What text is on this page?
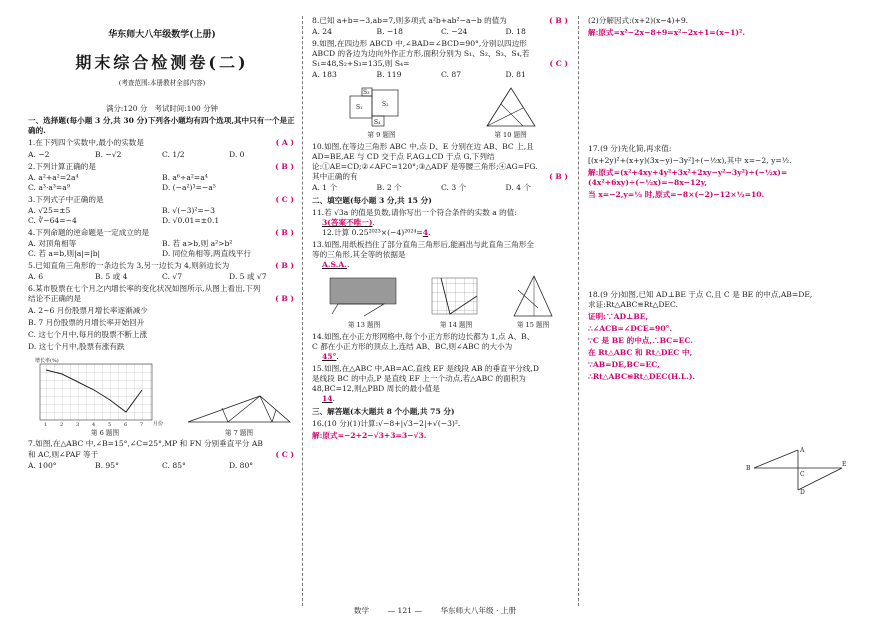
华东师大八年级数学(上册)
期末综合检测卷(二)
(考查范围:本册教材全部内容)
满分:120 分　考试时间:100 分钟
一、选择题(每小题 3 分,共 30 分)下列各小题均有四个选项,其中只有一个是正确的.
1.在下列四个实数中,最小的实数是	( A )
A. −2	B. −√2	C. 1/2	D. 0
2.下列计算正确的是	( B )
A. a²+a²=2a⁴	B. a⁶÷a²=a⁴
C. a³·a³=a⁹	D. (−a²)³=−a⁵
3.下列式子中正确的是	( C )
A. √25=±5	B. √(−3)²=−3
C. ∛−64=−4	D. √0.01=±0.1
4.下列命题的逆命题是一定成立的是	( B )
A. 对顶角相等	B. 若 a>b,则 a²>b²
C. 若 a=b,则|a|=|b|	D. 同位角相等,两直线平行
5.已知直角三角形的一条边长为 3,另一边长为 4,则斜边长为	( B )
A. 6	B. 5 或 4	C. √7	D. 5 或 √7
6.某市股票在七个月之内增长率的变化状况如图所示,从图上看出,下列结论不正确的是	( B )
A. 2~6 月份股票月增长率逐渐减少
B. 7 月份股票的月增长率开始回升
C. 这七个月中,每月的股票不断上涨
D. 这七个月中,股票有涨有跌
增长率(%)
月份
1	2	3	4	5	6	7
第 6 题图	第 7 题图
7.如图,在△ABC 中,∠B=15°,∠C=25°,MP 和 FN 分别垂直平分 AB 和 AC,则∠PAF 等于	( C )
A. 100°	B. 95°	C. 85°	D. 80°
8.已知 a+b=−3,ab=7,则多项式 a²b+ab²−a−b 的值为	( B )
A. 24	B. −18	C. −24	D. 18
9.如图,在四边形 ABCD 中,∠BAD=∠BCD=90°,分别以四边形 ABCD 的各边为边向外作正方形,面积分别为 S₁、S₂、S₃、S₄,若 S₁=48,S₂+S₃=135,则 S₄=	( C )
A. 183	B. 119	C. 87	D. 81
S₁	S₂
S₃
S₄
第 9 题图	第 10 题图
10.如图,在等边三角形 ABC 中,点 D、E 分别在边 AB、BC 上,且 AD=BE,AE 与 CD 交于点 F,AG⊥CD 于点 G,下列结论:①AE=CD;②∠AFC=120°;③△ADF 是等腰三角形;④AG=FG.其中正确的有	( B )
A. 1 个	B. 2 个	C. 3 个	D. 4 个
二、填空题(每小题 3 分,共 15 分)
11.若 √3a 的值是负数,请你写出一个符合条件的实数 a 的值:
3(答案不唯一).
12.计算 0.25²⁰²³×(−4)²⁰²⁴=4.
13.如图,用纸板挡住了部分直角三角形后,能画出与此直角三角形全等的三角形,其全等的依据是
A.S.A..
第 13 题图	第 14 题图	第 15 题图
14.如图,在小正方形网格中,每个小正方形的边长都为 1,点 A、B、C 都在小正方形的顶点上,连结 AB、BC,则∠ABC 的大小为
45°.
15.如图,在△ABC 中,AB=AC,直线 EF 是线段 AB 的垂直平分线,D 是线段 BC 的中点,P 是直线 EF 上一个动点,若△ABC 的面积为 48,BC=12,则△PBD 周长的最小值是
14.
三、解答题(本大题共 8 个小题,共 75 分)
16.(10 分)(1)计算:√−8+|√3−2|+√(−3)².
解:原式=−2+2−√3+3=3−√3.
(2)分解因式:(x+2)(x−4)+9.
解:原式=x²−2x−8+9=x²−2x+1=(x−1)².
17.(9 分)先化简,再求值:
[(x+2y)²+(x+y)(3x−y)−3y²]÷(−½x),其中 x=−2, y=½.
解:原式=(x²+4xy+4y²+3x²+2xy−y²−3y²)÷(−½x)=(4x²+6xy)÷(−½x)=−8x−12y,
当 x=−2,y=½ 时,原式=−8×(−2)−12×½=10.
18.(9 分)如图,已知 AD⊥BE 于点 C,且 C 是 BE 的中点,AB=DE,求证:Rt△ABC≌Rt△DEC.
证明:∵AD⊥BE,
∴∠ACB=∠DCE=90°.
∵C 是 BE 的中点,∴BC=EC.
在 Rt△ABC 和 Rt△DEC 中,
∵AB=DE,BC=EC,
∴Rt△ABC≌Rt△DEC(H.L.).
A
B
C
D
E
数学 — 121 — 华东师大八年级 · 上册
